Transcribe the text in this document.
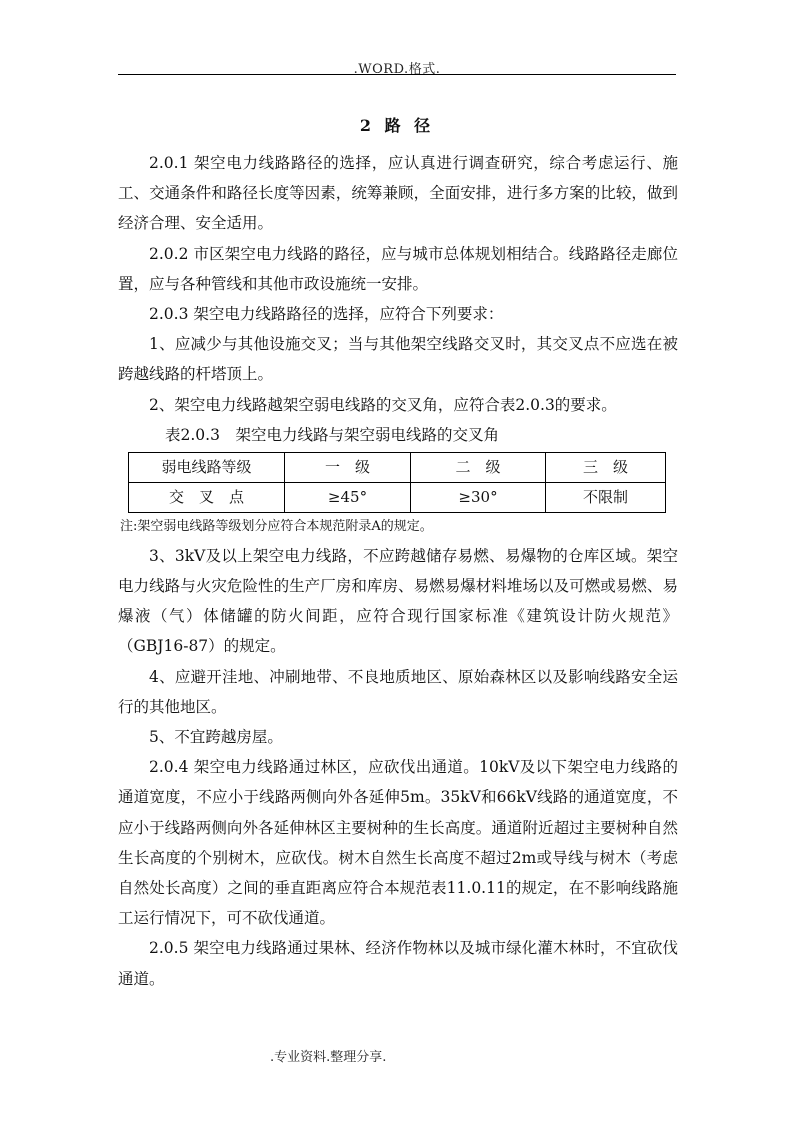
.WORD.格式.
2 路 径

2.0.1 架空电力线路路径的选择，应认真进行调查研究，综合考虑运行、施工、交通条件和路径长度等因素，统筹兼顾，全面安排，进行多方案的比较，做到经济合理、安全适用。

2.0.2 市区架空电力线路的路径，应与城市总体规划相结合。线路路径走廊位置，应与各种管线和其他市政设施统一安排。

2.0.3 架空电力线路路径的选择，应符合下列要求：

1、应减少与其他设施交叉；当与其他架空线路交叉时，其交叉点不应选在被跨越线路的杆塔顶上。

2、架空电力线路越架空弱电线路的交叉角，应符合表2.0.3的要求。

表2.0.3　架空电力线路与架空弱电线路的交叉角

弱电线路等级	一　级	二　级	三　级
交　叉　点	≥45°	≥30°	不限制

注:架空弱电线路等级划分应符合本规范附录A的规定。

3、3kV及以上架空电力线路，不应跨越储存易燃、易爆物的仓库区域。架空电力线路与火灾危险性的生产厂房和库房、易燃易爆材料堆场以及可燃或易燃、易爆液（气）体储罐的防火间距，应符合现行国家标准《建筑设计防火规范》（GBJ16-87）的规定。

4、应避开洼地、冲刷地带、不良地质地区、原始森林区以及影响线路安全运行的其他地区。

5、不宜跨越房屋。

2.0.4 架空电力线路通过林区，应砍伐出通道。10kV及以下架空电力线路的通道宽度，不应小于线路两侧向外各延伸5m。35kV和66kV线路的通道宽度，不应小于线路两侧向外各延伸林区主要树种的生长高度。通道附近超过主要树种自然生长高度的个别树木，应砍伐。树木自然生长高度不超过2m或导线与树木（考虑自然处长高度）之间的垂直距离应符合本规范表11.0.11的规定，在不影响线路施工运行情况下，可不砍伐通道。

2.0.5 架空电力线路通过果林、经济作物林以及城市绿化灌木林时，不宜砍伐通道。

.专业资料.整理分享.
